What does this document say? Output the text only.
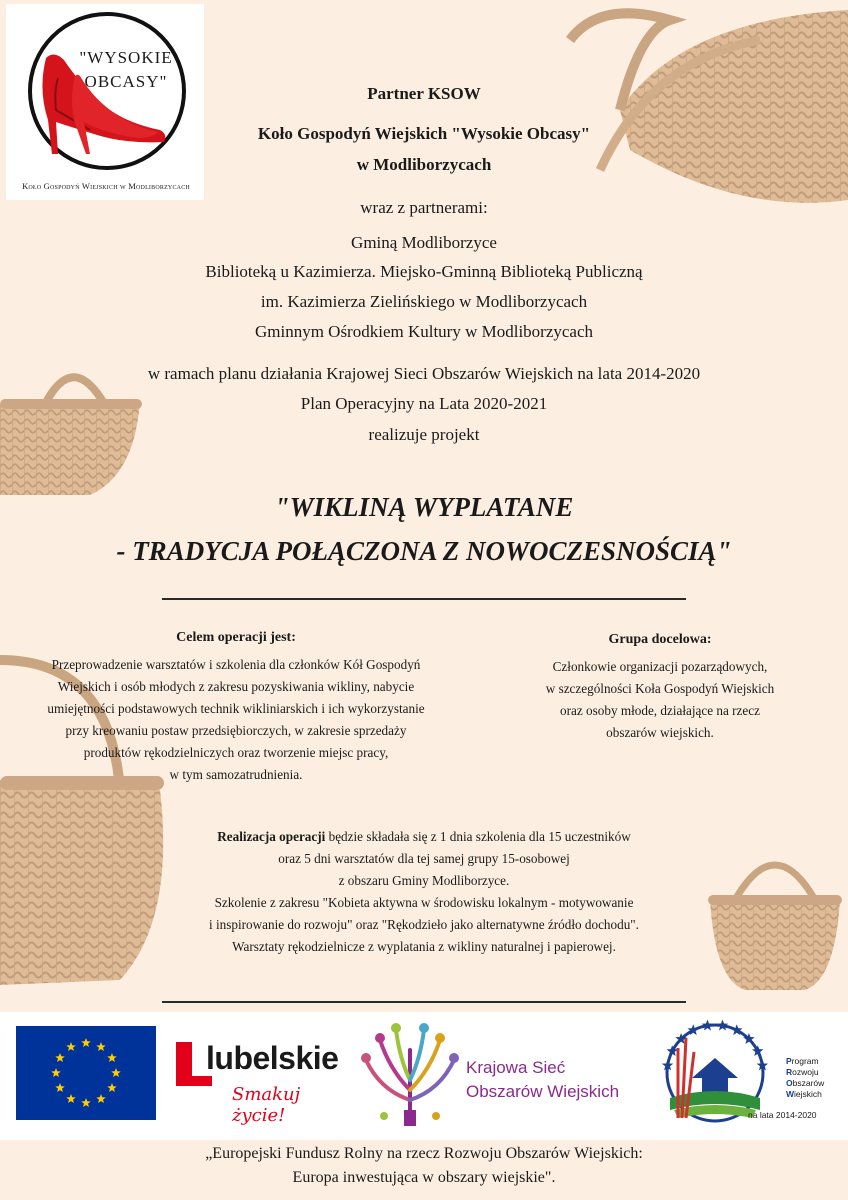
"WYSOKIE
OBCASY"
Koło Gospodyń Wiejskich w Modliborzycach
Partner KSOW
Koło Gospodyń Wiejskich "Wysokie Obcasy"
w Modliborzycach
wraz z partnerami:
Gminą Modliborzyce
Biblioteką u Kazimierza. Miejsko-Gminną Biblioteką Publiczną
im. Kazimierza Zielińskiego w Modliborzycach
Gminnym Ośrodkiem Kultury w Modliborzycach
w ramach planu działania Krajowej Sieci Obszarów Wiejskich na lata 2014-2020
Plan Operacyjny na Lata 2020-2021
realizuje projekt
"WIKLINĄ WYPLATANE
- TRADYCJA POŁĄCZONA Z NOWOCZESNOŚCIĄ"
Celem operacji jest:
Przeprowadzenie warsztatów i szkolenia dla członków Kół Gospodyń
Wiejskich i osób młodych z zakresu pozyskiwania wikliny, nabycie
umiejętności podstawowych technik wikliniarskich i ich wykorzystanie
przy kreowaniu postaw przedsiębiorczych, w zakresie sprzedaży
produktów rękodzielniczych oraz tworzenie miejsc pracy,
w tym samozatrudnienia.
Grupa docelowa:
Członkowie organizacji pozarządowych,
w szczególności Koła Gospodyń Wiejskich
oraz osoby młode, działające na rzecz
obszarów wiejskich.
Realizacja operacji będzie składała się z 1 dnia szkolenia dla 15 uczestników
oraz 5 dni warsztatów dla tej samej grupy 15-osobowej
z obszaru Gminy Modliborzyce.
Szkolenie z zakresu "Kobieta aktywna w środowisku lokalnym - motywowanie
i inspirowanie do rozwoju" oraz "Rękodzieło jako alternatywne źródło dochodu".
Warsztaty rękodzielnicze z wyplatania z wikliny naturalnej i papierowej.
lubelskie
Smakuj życie!
Krajowa Sieć
Obszarów Wiejskich
Program
Rozwoju
Obszarów
Wiejskich
na lata 2014-2020
„Europejski Fundusz Rolny na rzecz Rozwoju Obszarów Wiejskich:
Europa inwestująca w obszary wiejskie".
